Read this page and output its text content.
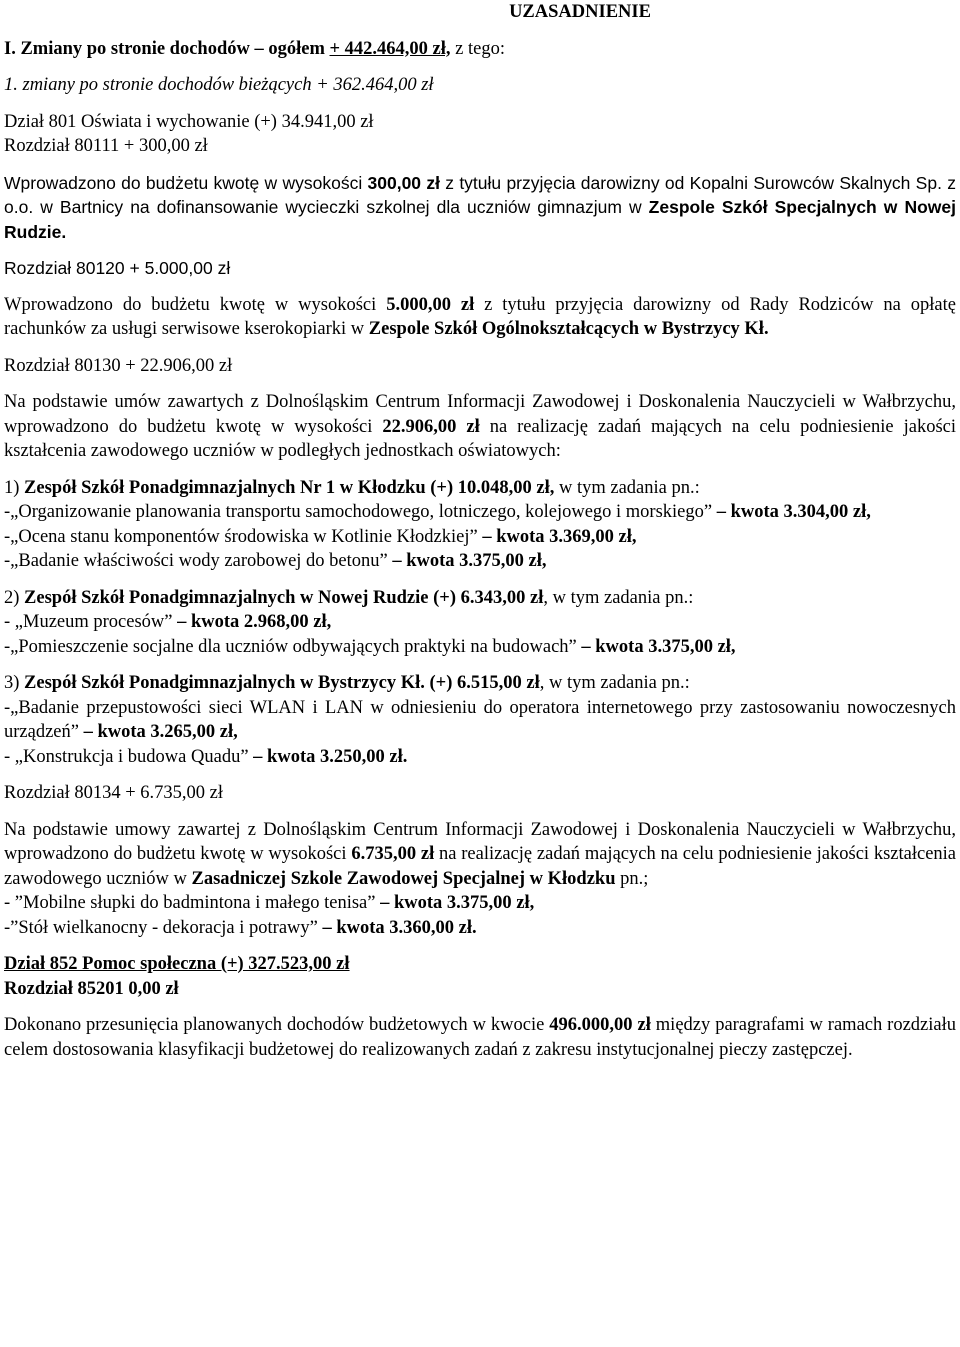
UZASADNIENIE

I. Zmiany po stronie dochodów – ogółem + 442.464,00 zł, z tego:

1. zmiany po stronie dochodów bieżących + 362.464,00 zł

Dział 801 Oświata i wychowanie (+) 34.941,00 zł

Rozdział 80111 + 300,00 zł

Wprowadzono do budżetu kwotę w wysokości 300,00 zł z tytułu przyjęcia darowizny od Kopalni Surowców Skalnych Sp. z o.o. w Bartnicy na dofinansowanie wycieczki szkolnej dla uczniów gimnazjum w Zespole Szkół Specjalnych w Nowej Rudzie.

Rozdział 80120 + 5.000,00 zł

Wprowadzono do budżetu kwotę w wysokości 5.000,00 zł z tytułu przyjęcia darowizny od Rady Rodziców na opłatę rachunków za usługi serwisowe kserokopiarki w Zespole Szkół Ogólnokształcących w Bystrzycy Kł.

Rozdział 80130 + 22.906,00 zł

Na podstawie umów zawartych z Dolnośląskim Centrum Informacji Zawodowej i Doskonalenia Nauczycieli w Wałbrzychu, wprowadzono do budżetu kwotę w wysokości 22.906,00 zł na realizację zadań mających na celu podniesienie jakości kształcenia zawodowego uczniów w podległych jednostkach oświatowych:

1) Zespół Szkół Ponadgimnazjalnych Nr 1 w Kłodzku (+) 10.048,00 zł, w tym zadania pn.:

-„Organizowanie planowania transportu samochodowego, lotniczego, kolejowego i morskiego” – kwota 3.304,00 zł,

-„Ocena stanu komponentów środowiska w Kotlinie Kłodzkiej” – kwota 3.369,00 zł,

-„Badanie właściwości wody zarobowej do betonu” – kwota 3.375,00 zł,

2) Zespół Szkół Ponadgimnazjalnych w Nowej Rudzie (+) 6.343,00 zł, w tym zadania pn.:

- „Muzeum procesów” – kwota 2.968,00 zł,

-„Pomieszczenie socjalne dla uczniów odbywających praktyki na budowach” – kwota 3.375,00 zł,

3) Zespół Szkół Ponadgimnazjalnych w Bystrzycy Kł. (+) 6.515,00 zł, w tym zadania pn.:

-„Badanie przepustowości sieci WLAN i LAN w odniesieniu do operatora internetowego przy zastosowaniu nowoczesnych urządzeń” – kwota 3.265,00 zł,

- „Konstrukcja i budowa Quadu” – kwota 3.250,00 zł.

Rozdział 80134 + 6.735,00 zł

Na podstawie umowy zawartej z Dolnośląskim Centrum Informacji Zawodowej i Doskonalenia Nauczycieli w Wałbrzychu, wprowadzono do budżetu kwotę w wysokości 6.735,00 zł na realizację zadań mających na celu podniesienie jakości kształcenia zawodowego uczniów w Zasadniczej Szkole Zawodowej Specjalnej w Kłodzku pn.;

- ”Mobilne słupki do badmintona i małego tenisa” – kwota 3.375,00 zł,

-”Stół wielkanocny - dekoracja i potrawy” – kwota 3.360,00 zł.

Dział 852 Pomoc społeczna (+) 327.523,00 zł

Rozdział 85201 0,00 zł

Dokonano przesunięcia planowanych dochodów budżetowych w kwocie 496.000,00 zł między paragrafami w ramach rozdziału celem dostosowania klasyfikacji budżetowej do realizowanych zadań z zakresu instytucjonalnej pieczy zastępczej.
